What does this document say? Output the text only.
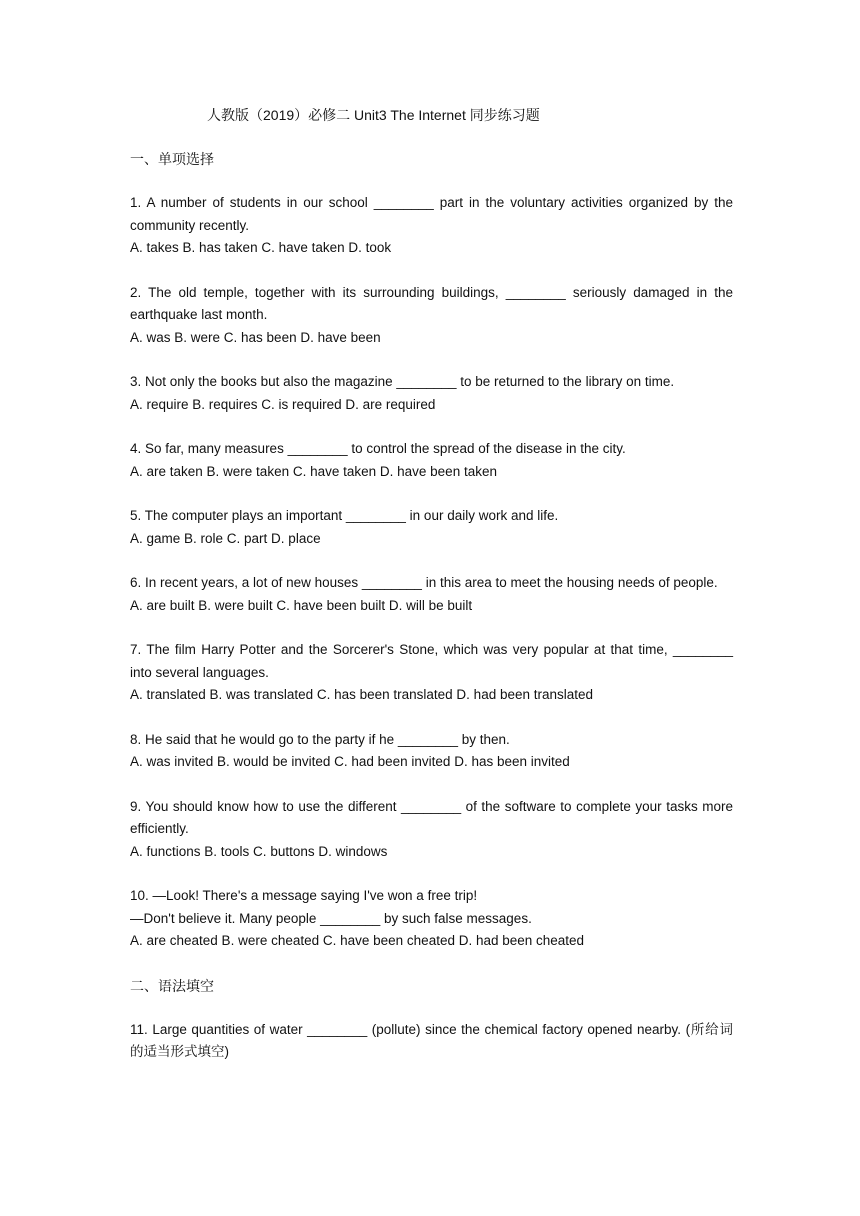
人教版（2019）必修二 Unit3 The Internet 同步练习题
一、单项选择
1. A number of students in our school ________ part in the voluntary activities organized by the community recently.
A. takes B. has taken C. have taken D. took
2. The old temple, together with its surrounding buildings, ________ seriously damaged in the earthquake last month.
A. was B. were C. has been D. have been
3. Not only the books but also the magazine ________ to be returned to the library on time.
A. require B. requires C. is required D. are required
4. So far, many measures ________ to control the spread of the disease in the city.
A. are taken B. were taken C. have taken D. have been taken
5. The computer plays an important ________ in our daily work and life.
A. game B. role C. part D. place
6. In recent years, a lot of new houses ________ in this area to meet the housing needs of people.
A. are built B. were built C. have been built D. will be built
7. The film Harry Potter and the Sorcerer's Stone, which was very popular at that time, ________ into several languages.
A. translated B. was translated C. has been translated D. had been translated
8. He said that he would go to the party if he ________ by then.
A. was invited B. would be invited C. had been invited D. has been invited
9. You should know how to use the different ________ of the software to complete your tasks more efficiently.
A. functions B. tools C. buttons D. windows
10. —Look! There's a message saying I've won a free trip!
—Don't believe it. Many people ________ by such false messages.
A. are cheated B. were cheated C. have been cheated D. had been cheated
二、语法填空
11. Large quantities of water ________ (pollute) since the chemical factory opened nearby. (所给词的适当形式填空)
